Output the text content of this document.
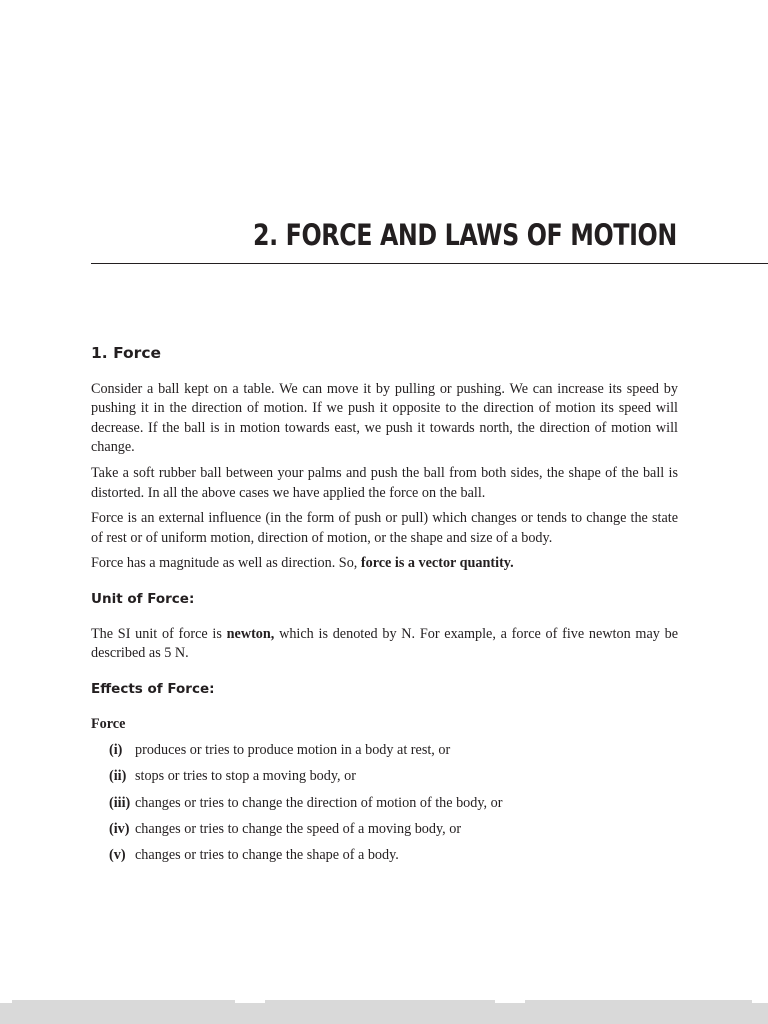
2. FORCE AND LAWS OF MOTION
1. Force

Consider a ball kept on a table. We can move it by pulling or pushing. We can increase its speed by pushing it in the direction of motion. If we push it opposite to the direction of motion its speed will decrease. If the ball is in motion towards east, we push it towards north, the direction of motion will change.

Take a soft rubber ball between your palms and push the ball from both sides, the shape of the ball is distorted. In all the above cases we have applied the force on the ball.

Force is an external influence (in the form of push or pull) which changes or tends to change the state of rest or of uniform motion, direction of motion, or the shape and size of a body.

Force has a magnitude as well as direction. So, force is a vector quantity.

Unit of Force:

The SI unit of force is newton, which is denoted by N. For example, a force of five newton may be described as 5 N.

Effects of Force:
Force
(i) produces or tries to produce motion in a body at rest, or
(ii) stops or tries to stop a moving body, or
(iii) changes or tries to change the direction of motion of the body, or
(iv) changes or tries to change the speed of a moving body, or
(v) changes or tries to change the shape of a body.
